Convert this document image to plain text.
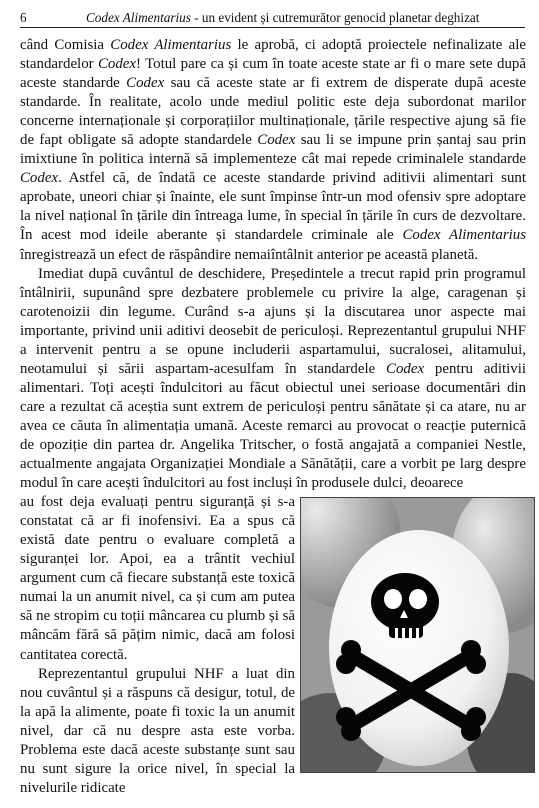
6	Codex Alimentarius - un evident și cutremurător genocid planetar deghizat

când Comisia Codex Alimentarius le aprobă, ci adoptă proiectele nefinalizate ale standardelor Codex! Totul pare ca și cum în toate aceste state ar fi o mare sete după aceste standarde Codex sau că aceste state ar fi extrem de disperate după aceste standarde. În realitate, acolo unde mediul politic este deja subordonat marilor concerne internaționale și corporațiilor multinaționale, țările respective ajung să fie de fapt obligate să adopte standardele Codex sau li se impune prin șantaj sau prin imixtiune în politica internă să implementeze cât mai repede criminalele standarde Codex. Astfel că, de îndată ce aceste standarde privind aditivii alimentari sunt aprobate, uneori chiar și înainte, ele sunt împinse într-un mod ofensiv spre adoptare la nivel național în țările din întreaga lume, în special în țările în curs de dezvoltare. În acest mod ideile aberante și standardele criminale ale Codex Alimentarius înregistrează un efect de răspândire nemaiîntâlnit anterior pe această planetă.

Imediat după cuvântul de deschidere, Președintele a trecut rapid prin programul întâlnirii, supunând spre dezbatere problemele cu privire la alge, caragenan și carotenoizii din legume. Curând s-a ajuns și la discutarea unor aspecte mai importante, privind unii aditivi deosebit de periculoși. Reprezentantul grupului NHF a intervenit pentru a se opune includerii aspartamului, sucralosei, alitamului, neotamului și sării aspartam-acesulfam în standardele Codex pentru aditivii alimentari. Toți acești îndulcitori au făcut obiectul unei serioase documentări din care a rezultat că aceștia sunt extrem de periculoși pentru sănătate și ca atare, nu ar avea ce căuta în alimentația umană. Aceste remarci au provocat o reacție puternică de opoziție din partea dr. Angelika Tritscher, o fostă angajată a companiei Nestle, actualmente angajata Organizației Mondiale a Sănătății, care a vorbit pe larg despre modul în care acești îndulcitori au fost incluși în produsele dulci, deoarece

au fost deja evaluați pentru siguranță și s-a constatat că ar fi inofensivi. Ea a spus că există date pentru o evaluare completă a siguranței lor. Apoi, ea a trântit vechiul argument cum că fiecare substanță este toxică numai la un anumit nivel, ca și cum am putea să ne stropim cu toții mâncarea cu plumb și să mâncăm fără să pățim nimic, dacă am folosi cantitatea corectă.

Reprezentantul grupului NHF a luat din nou cuvântul și a răspuns că desigur, totul, de la apă la alimente, poate fi toxic la un anumit nivel, dar că nu despre asta este vorba. Problema este dacă aceste substanțe sunt sau nu sunt sigure la orice nivel, în special la nivelurile ridicate
